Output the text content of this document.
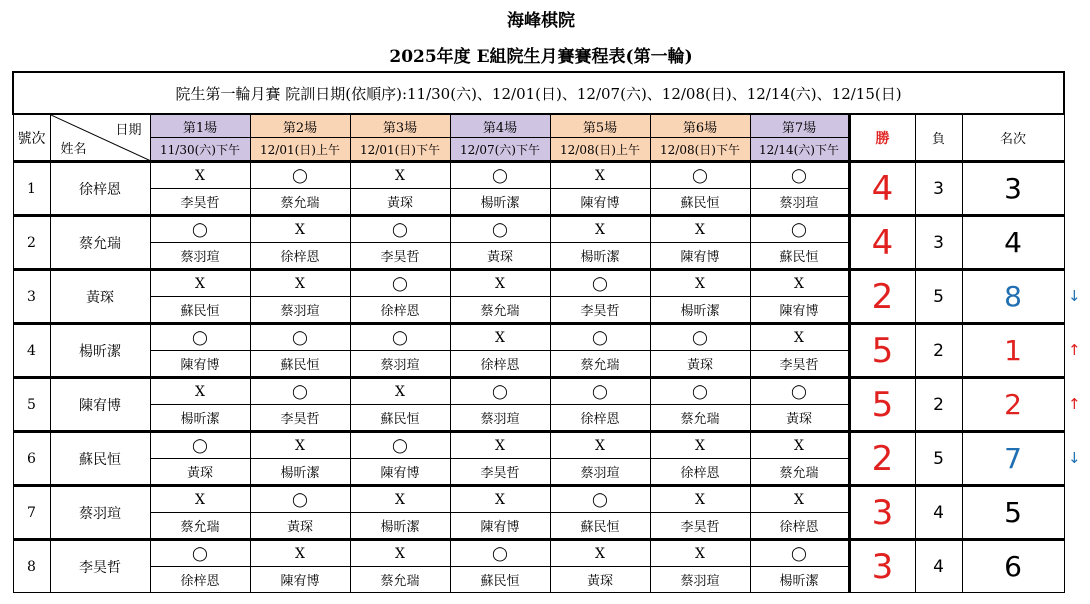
海峰棋院
2025年度 E組院生月賽賽程表(第一輪)
院生第一輪月賽 院訓日期(依順序):11/30(六)、12/01(日)、12/07(六)、12/08(日)、12/14(六)、12/15(日)											
號次	日期
姓名	第1場	第2場	第3場	第4場	第5場	第6場	第7場	勝	負	名次
		11/30(六)下午	12/01(日)上午	12/01(日)下午	12/07(六)下午	12/08(日)上午	12/08(日)下午	12/14(六)下午			
1	徐梓恩	X	◯	X	◯	X	◯	◯	4	3	3
		李昊哲	蔡允瑞	黃琛	楊昕潔	陳宥博	蘇民恒	蔡羽瑄			
2	蔡允瑞	◯	X	◯	◯	X	X	◯	4	3	4
		蔡羽瑄	徐梓恩	李昊哲	黃琛	楊昕潔	陳宥博	蘇民恒			
3	黃琛	X	X	◯	X	◯	X	X	2	5	8
		蘇民恒	蔡羽瑄	徐梓恩	蔡允瑞	李昊哲	楊昕潔	陳宥博			
4	楊昕潔	◯	◯	◯	X	◯	◯	X	5	2	1
		陳宥博	蘇民恒	蔡羽瑄	徐梓恩	蔡允瑞	黃琛	李昊哲			
5	陳宥博	X	◯	X	◯	◯	◯	◯	5	2	2
		楊昕潔	李昊哲	蘇民恒	蔡羽瑄	徐梓恩	蔡允瑞	黃琛			
6	蘇民恒	◯	X	◯	X	X	X	X	2	5	7
		黃琛	楊昕潔	陳宥博	李昊哲	蔡羽瑄	徐梓恩	蔡允瑞			
7	蔡羽瑄	X	◯	X	X	◯	X	X	3	4	5
		蔡允瑞	黃琛	楊昕潔	陳宥博	蘇民恒	李昊哲	徐梓恩			
8	李昊哲	◯	X	X	◯	X	X	◯	3	4	6
		徐梓恩	陳宥博	蔡允瑞	蘇民恒	黃琛	蔡羽瑄	楊昕潔			
↓
↑
↑
↓
